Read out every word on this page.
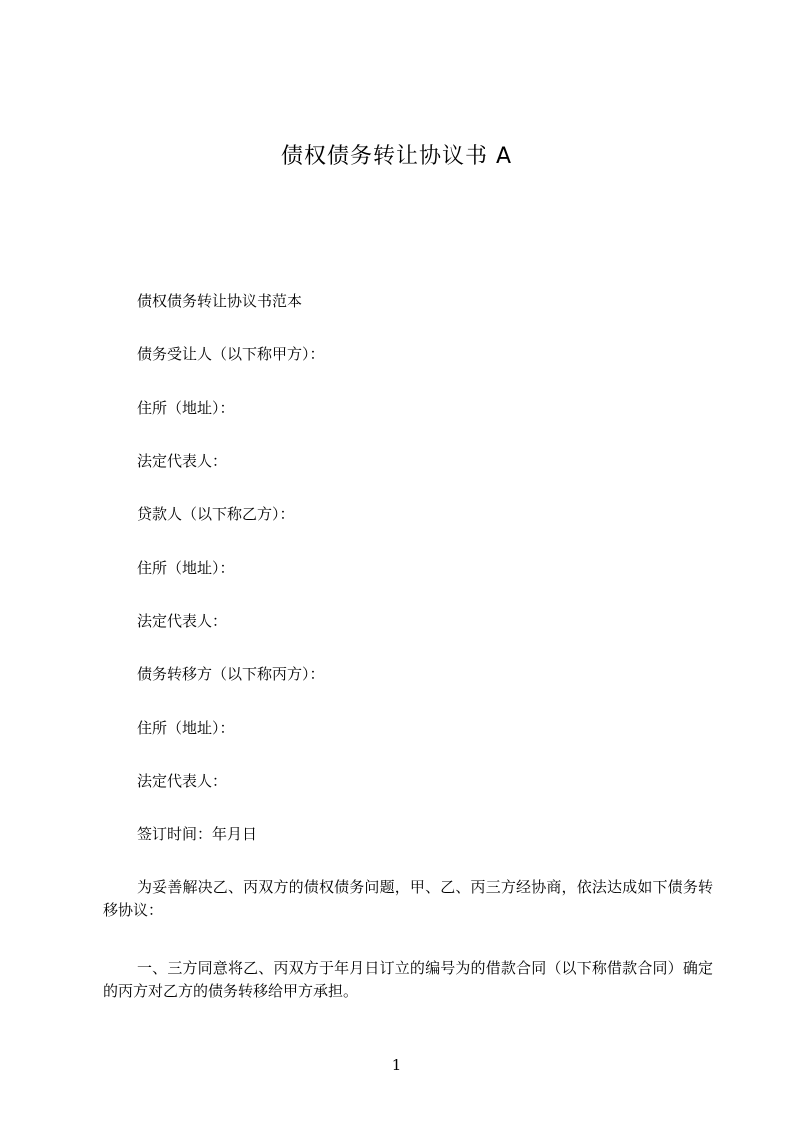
债权债务转让协议书 A
债权债务转让协议书范本
债务受让人（以下称甲方）：
住所（地址）：
法定代表人：
贷款人（以下称乙方）：
住所（地址）：
法定代表人：
债务转移方（以下称丙方）：
住所（地址）：
法定代表人：
签订时间：年月日
为妥善解决乙、丙双方的债权债务问题，甲、乙、丙三方经协商，依法达成如下债务转移协议：
一、三方同意将乙、丙双方于年月日订立的编号为的借款合同（以下称借款合同）确定的丙方对乙方的债务转移给甲方承担。
1
